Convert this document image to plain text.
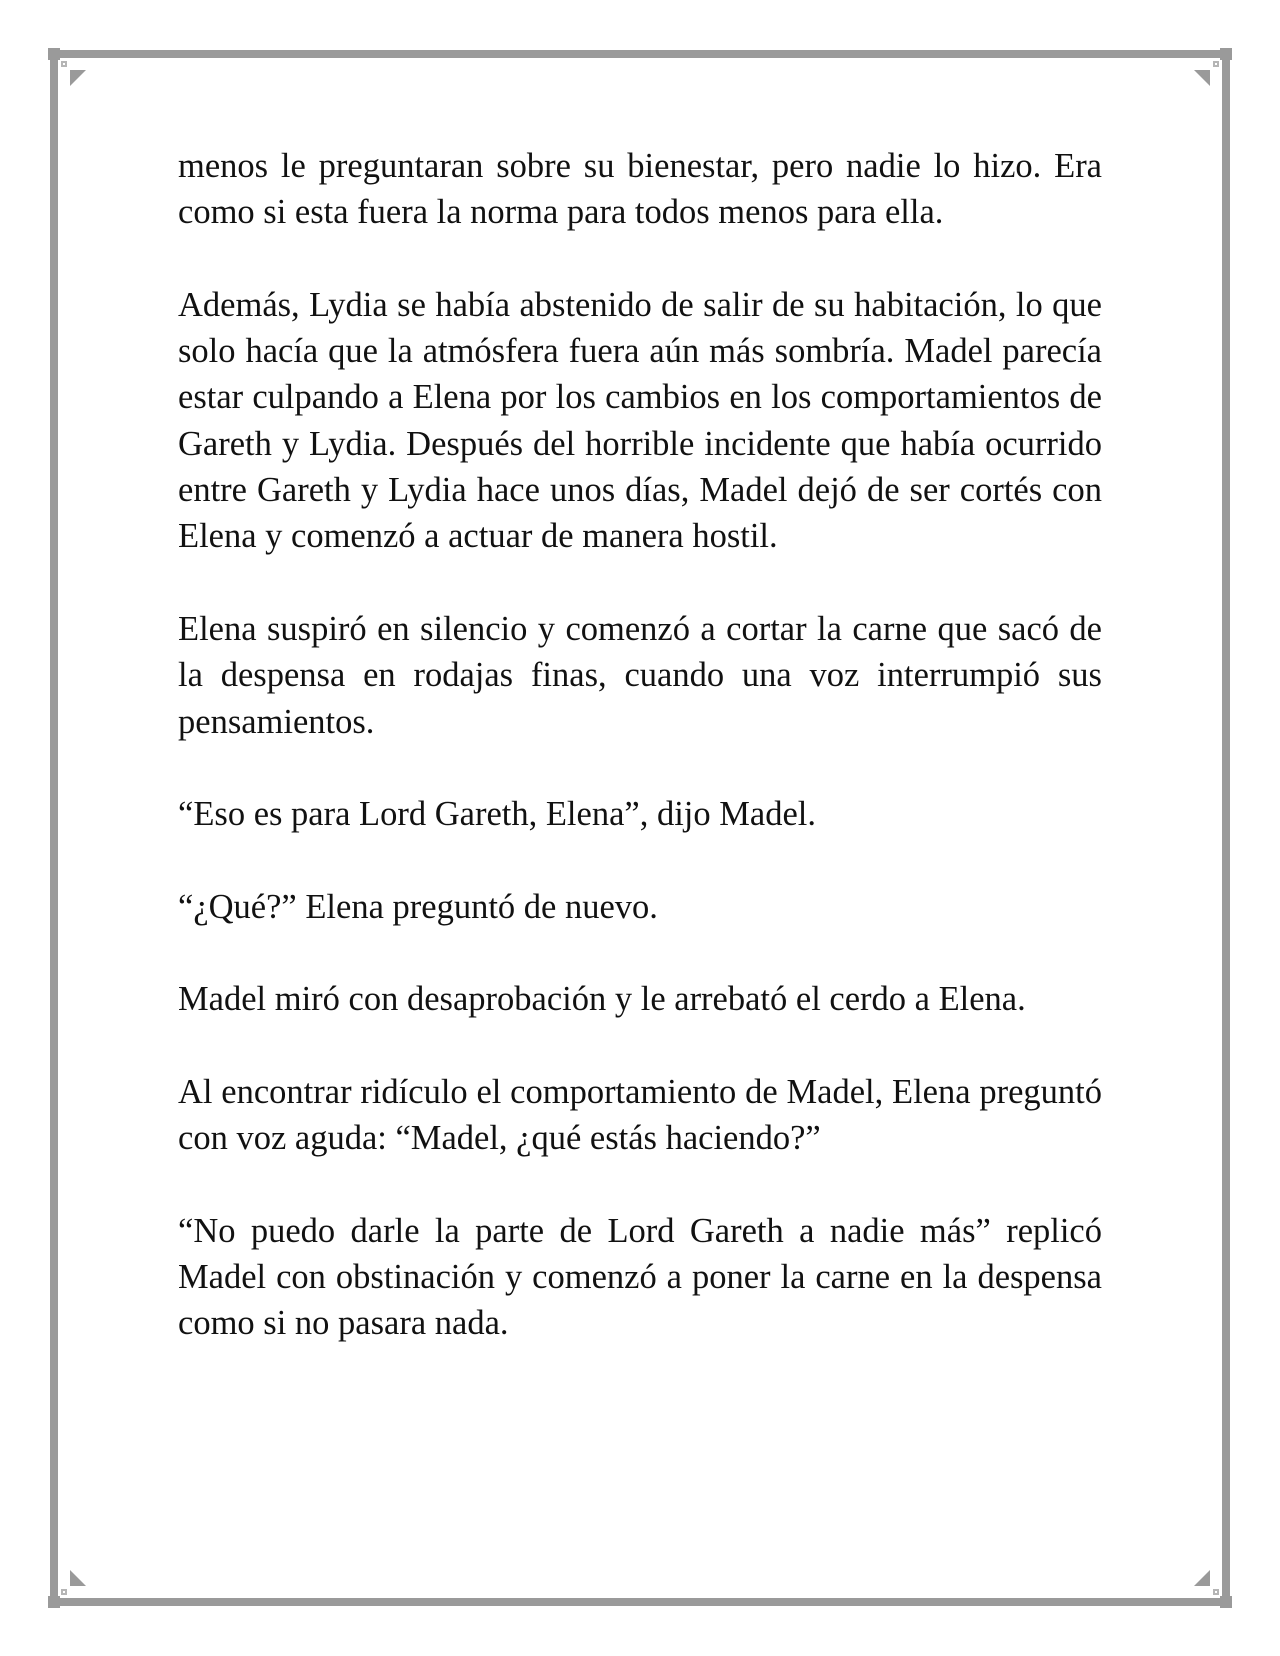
menos le preguntaran sobre su bienestar, pero nadie lo hizo. Era como si esta fuera la norma para todos menos para ella.

Además, Lydia se había abstenido de salir de su habitación, lo que solo hacía que la atmósfera fuera aún más sombría. Madel parecía estar culpando a Elena por los cambios en los comportamientos de Gareth y Lydia. Después del horrible incidente que había ocurrido entre Gareth y Lydia hace unos días, Madel dejó de ser cortés con Elena y comenzó a actuar de manera hostil.

Elena suspiró en silencio y comenzó a cortar la carne que sacó de la despensa en rodajas finas, cuando una voz interrumpió sus pensamientos.

“Eso es para Lord Gareth, Elena”, dijo Madel.

“¿Qué?” Elena preguntó de nuevo.

Madel miró con desaprobación y le arrebató el cerdo a Elena.

Al encontrar ridículo el comportamiento de Madel, Elena preguntó con voz aguda: “Madel, ¿qué estás haciendo?”

“No puedo darle la parte de Lord Gareth a nadie más” replicó Madel con obstinación y comenzó a poner la carne en la despensa como si no pasara nada.
